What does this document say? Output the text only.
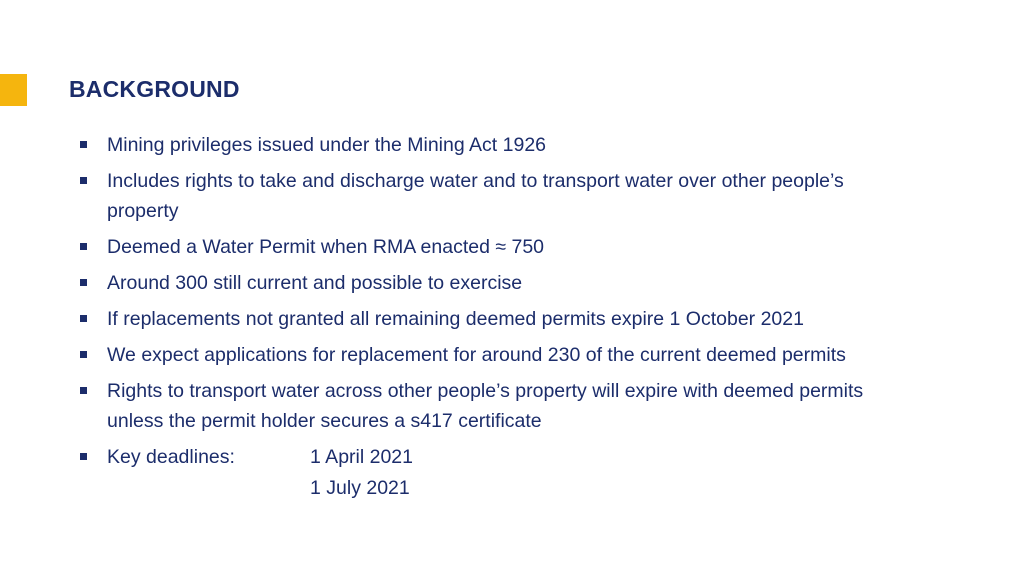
BACKGROUND
Mining privileges issued under the Mining Act 1926
Includes rights to take and discharge water and to transport water over other people’s
property
Deemed a Water Permit when RMA enacted ≈ 750
Around 300 still current and possible to exercise
If replacements not granted all remaining deemed permits expire 1 October 2021
We expect applications for replacement for around 230 of the current deemed permits
Rights to transport water across other people’s property will expire with deemed permits
unless the permit holder secures a s417 certificate
Key deadlines:	1 April 2021
1 July 2021
